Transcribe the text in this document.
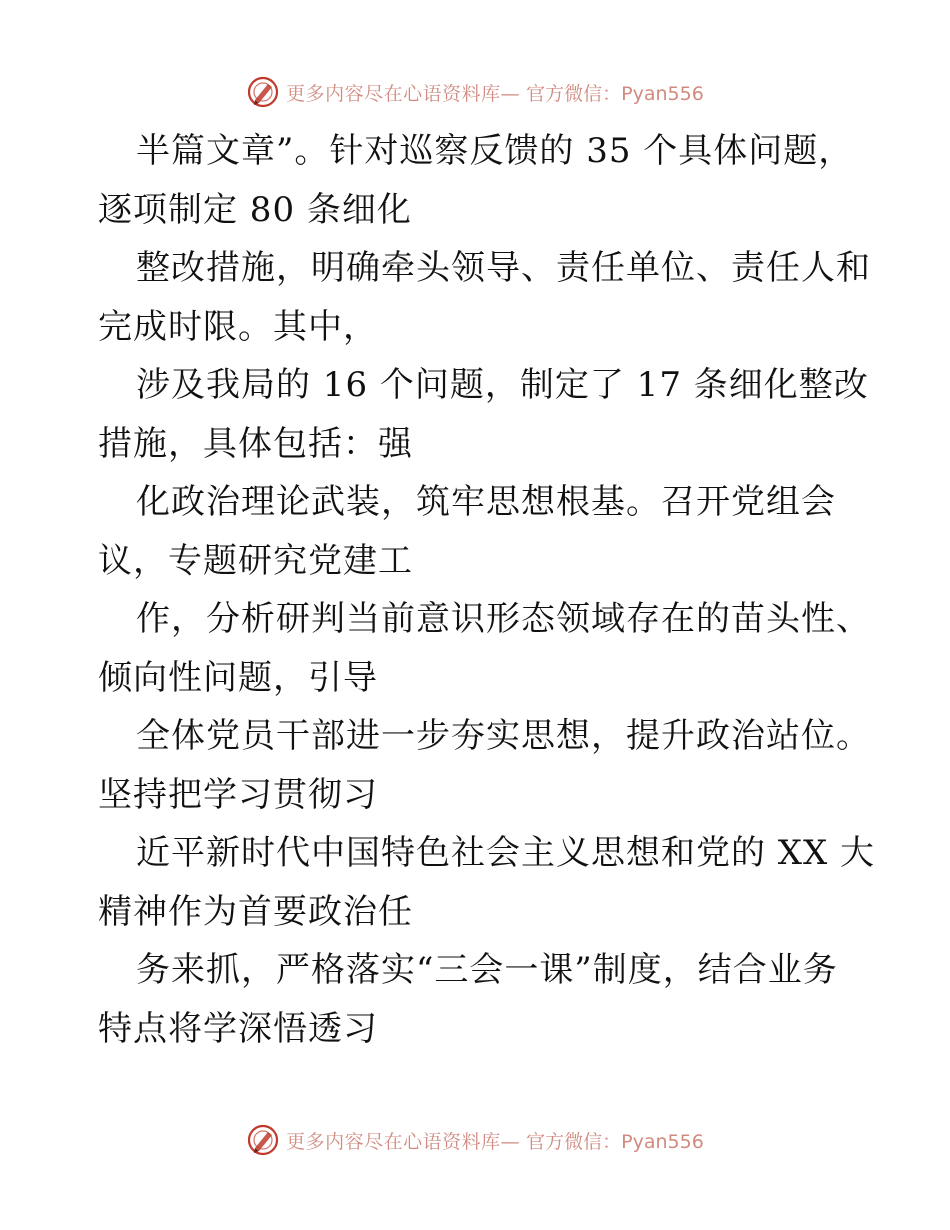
更多内容尽在心语资料库— 官方微信：Pyan556
半篇文章”。针对巡察反馈的 35 个具体问题，
逐项制定 80 条细化
整改措施，明确牵头领导、责任单位、责任人和
完成时限。其中，
涉及我局的 16 个问题，制定了 17 条细化整改
措施，具体包括：强
化政治理论武装，筑牢思想根基。召开党组会
议，专题研究党建工
作，分析研判当前意识形态领域存在的苗头性、
倾向性问题，引导
全体党员干部进一步夯实思想，提升政治站位。
坚持把学习贯彻习
近平新时代中国特色社会主义思想和党的 XX 大
精神作为首要政治任
务来抓，严格落实“三会一课”制度，结合业务
特点将学深悟透习
更多内容尽在心语资料库— 官方微信：Pyan556
